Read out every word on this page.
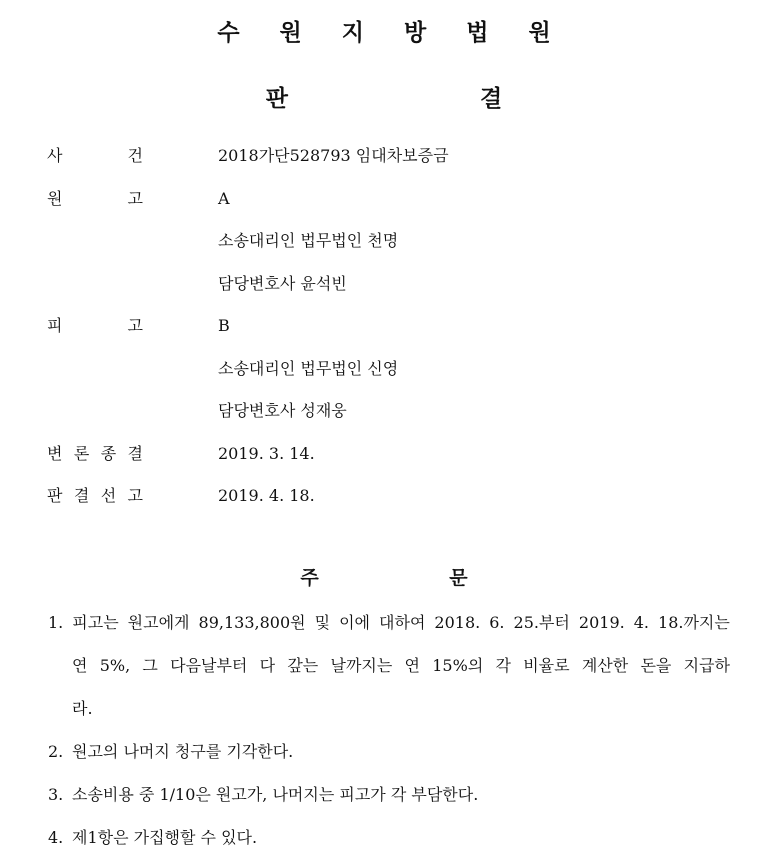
수 원 지 방 법 원
판 결
사	건	2018가단528793 임대차보증금
원	고	A
소송대리인 법무법인 천명
담당변호사 윤석빈
피	고	B
소송대리인 법무법인 신영
담당변호사 성재웅
변 론 종 결	2019. 3. 14.
판 결 선 고	2019. 4. 18.
주 문
1. 피고는 원고에게 89,133,800원 및 이에 대하여 2018. 6. 25.부터 2019. 4. 18.까지는
연 5%, 그 다음날부터 다 갚는 날까지는 연 15%의 각 비율로 계산한 돈을 지급하
라.
2. 원고의 나머지 청구를 기각한다.
3. 소송비용 중 1/10은 원고가, 나머지는 피고가 각 부담한다.
4. 제1항은 가집행할 수 있다.
